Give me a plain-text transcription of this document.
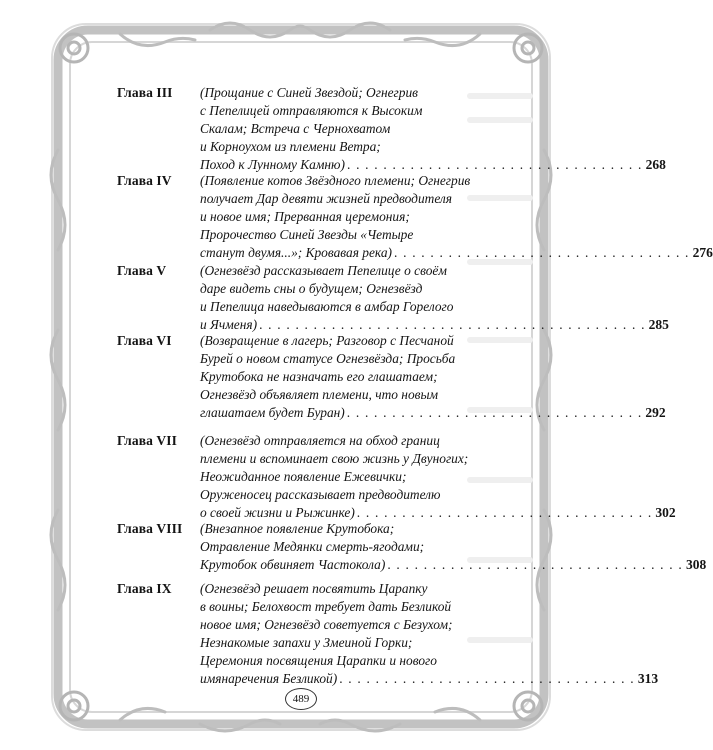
Глава III (Прощание с Синей Звездой; Огнегрив
с Пепелицей отправляются к Высоким
Скалам; Встреча с Чернохватом
и Корноухом из племени Ветра;
Поход к Лунному Камню) . . . . . . . . . . . . . . . . . . . . . . . . . . . . . . . . . 268
Глава IV (Появление котов Звёздного племени; Огнегрив
получает Дар девяти жизней предводителя
и новое имя; Прерванная церемония;
Пророчество Синей Звезды «Четыре
станут двумя...»; Кровавая река) . . . . . . . . . . . . . . . . . . . . . . . . . . . . . . . . . 276
Глава V	(Огнезвёзд рассказывает Пепелице о своём
даре видеть сны о будущем; Огнезвёзд
и Пепелица наведываются в амбар Горелого
и Ячменя) . . . . . . . . . . . . . . . . . . . . . . . . . . . . . . . . . . . . . . . . . . . 285
Глава VI (Возвращение в лагерь; Разговор с Песчаной
Бурей о новом статусе Огнезвёзда; Просьба
Крутобока не назначать его глашатаем;
Огнезвёзд объявляет племени, что новым
глашатаем будет Буран) . . . . . . . . . . . . . . . . . . . . . . . . . . . . . . . . . 292
Глава VII (Огнезвёзд отправляется на обход границ
племени и вспоминает свою жизнь у Двуногих;
Неожиданное появление Ежевички;
Оруженосец рассказывает предводителю
о своей жизни и Рыжинке) . . . . . . . . . . . . . . . . . . . . . . . . . . . . . . . . . 302
Глава VIII (Внезапное появление Крутобока;
Отравление Медянки смерть-ягодами;
Крутобок обвиняет Частокола) . . . . . . . . . . . . . . . . . . . . . . . . . . . . . . . . . 308
Глава IX (Огнезвёзд решает посвятить Царапку
в воины; Белохвост требует дать Безликой
новое имя; Огнезвёзд советуется с Безухом;
Незнакомые запахи у Змеиной Горки;
Церемония посвящения Царапки и нового
имянаречения Безликой) . . . . . . . . . . . . . . . . . . . . . . . . . . . . . . . . . 313
489
